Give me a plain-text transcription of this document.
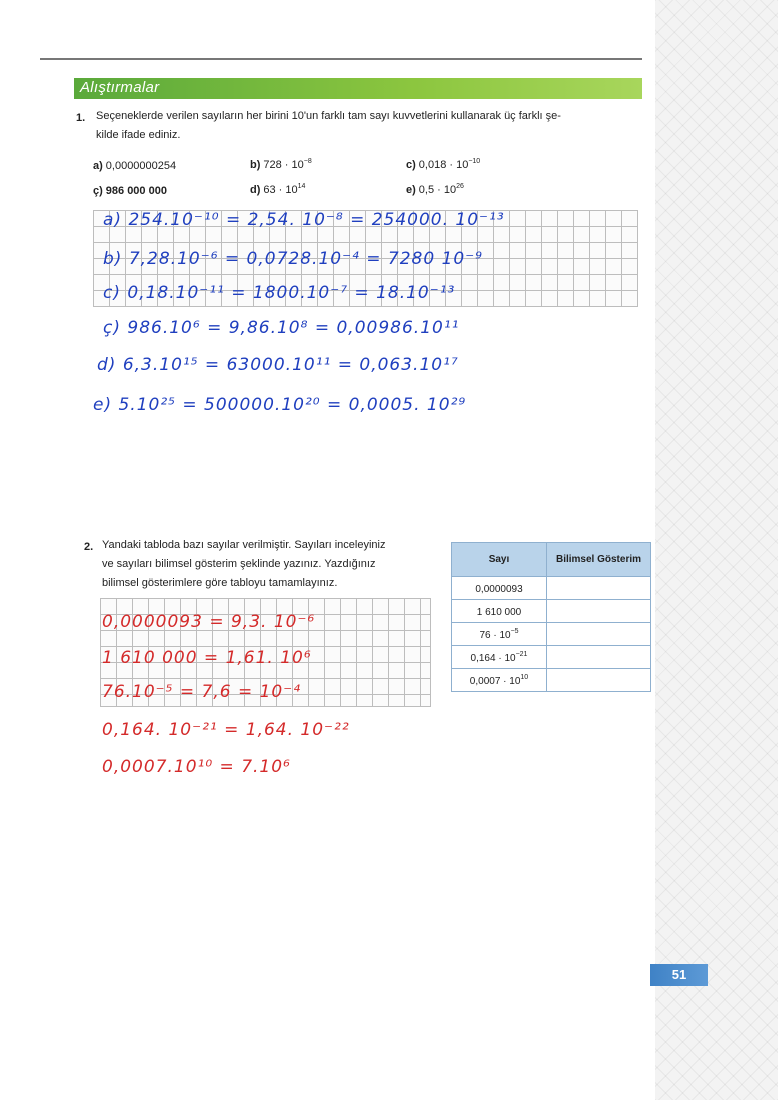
Alıştırmalar
1. Seçeneklerde verilen sayıların her birini 10'un farklı tam sayı kuvvetlerini kullanarak üç farklı şe-
kilde ifade ediniz.
a) 0,0000000254	b) $728 \cdot 10^{-8}$	c) $0,018 \cdot 10^{-10}$
ç) 986 000 000	d) $63 \cdot 10^{14}$	e) $0,5 \cdot 10^{26}$
a) 254.10⁻¹⁰ = 2,54. 10⁻⁸ = 254000. 10⁻¹³
b) 7,28.10⁻⁶ = 0,0728.10⁻⁴ = 7280 10⁻⁹
c) 0,18.10⁻¹¹ = 1800.10⁻⁷ = 18.10⁻¹³
ç) 986.10⁶ = 9,86.10⁸ = 0,00986.10¹¹
d) 6,3.10¹⁵ = 63000.10¹¹ = 0,063.10¹⁷
e) 5.10²⁵ = 500000.10²⁰ = 0,0005. 10²⁹
2. Yandaki tabloda bazı sayılar verilmiştir. Sayıları inceleyiniz
ve sayıları bilimsel gösterim şeklinde yazınız. Yazdığınız
bilimsel gösterimlere göre tabloyu tamamlayınız.
Sayı	Bilimsel Gösterim
0,0000093	
1 610 000	
$76 \cdot 10^{-5}$	
$0,164 \cdot 10^{-21}$	
$0,0007 \cdot 10^{10}$	
0,0000093 = 9,3. 10⁻⁶
1 610 000 = 1,61. 10⁶
76.10⁻⁵ = 7,6 = 10⁻⁴
0,164. 10⁻²¹ = 1,64. 10⁻²²
0,0007.10¹⁰ = 7.10⁶
51
